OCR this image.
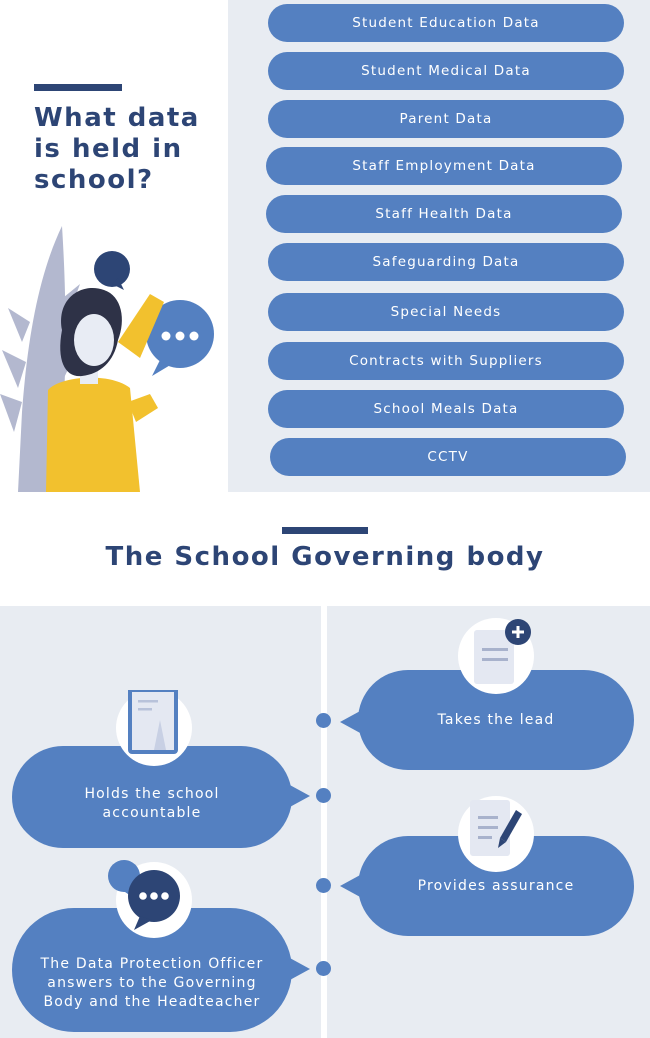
What data is held in school?
Student Education Data
Student Medical Data
Parent Data
Staff Employment Data
Staff Health Data
Safeguarding Data
Special Needs
Contracts with Suppliers
School Meals Data
CCTV
The School Governing body
Takes the lead
Holds the school accountable
Provides assurance
The Data Protection Officer answers to the Governing Body and the Headteacher
